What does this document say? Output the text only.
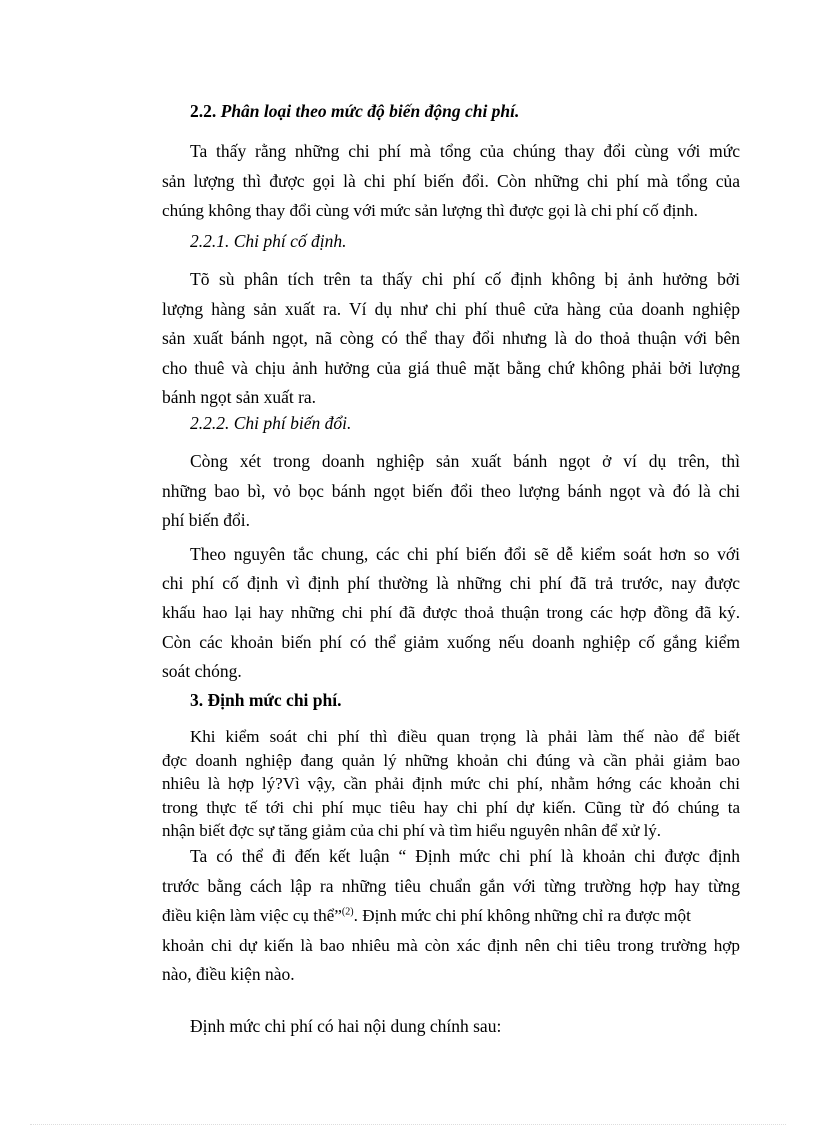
2.2. Phân loại theo mức độ biến động chi phí.
Ta thấy rằng những chi phí mà tổng của chúng thay đổi cùng với mức
sản lượng thì được gọi là chi phí biến đổi. Còn những chi phí mà tổng của
chúng không thay đổi cùng với mức sản lượng thì được gọi là chi phí cố định.
2.2.1. Chi phí cố định.
Tõ sù phân tích trên ta thấy chi phí cố định không bị ảnh hưởng bởi
lượng hàng sản xuất ra. Ví dụ như chi phí thuê cửa hàng của doanh nghiệp
sản xuất bánh ngọt, nã còng có thể thay đổi nhưng là do thoả thuận với bên
cho thuê và chịu ảnh hưởng của giá thuê mặt bằng chứ không phải bởi lượng
bánh ngọt sản xuất ra.
2.2.2. Chi phí biến đổi.
Còng xét trong doanh nghiệp sản xuất bánh ngọt ở ví dụ trên, thì
những bao bì, vỏ bọc bánh ngọt biến đổi theo lượng bánh ngọt và đó là chi
phí biến đổi.
Theo nguyên tắc chung, các chi phí biến đổi sẽ dễ kiểm soát hơn so với
chi phí cố định vì định phí thường là những chi phí đã trả trước, nay được
khấu hao lại hay những chi phí đã được thoả thuận trong các hợp đồng đã ký.
Còn các khoản biến phí có thể giảm xuống nếu doanh nghiệp cố gắng kiểm
soát chóng.
3. Định mức chi phí.
Khi kiểm soát chi phí thì điều quan trọng là phải làm thế nào để biết
đợc doanh nghiệp đang quản lý những khoản chi đúng và cần phải giảm bao
nhiêu là hợp lý?Vì vậy, cần phải định mức chi phí, nhằm hớng các khoản chi
trong thực tế tới chi phí mục tiêu hay chi phí dự kiến. Cũng từ đó chúng ta
nhận biết đợc sự tăng giảm của chi phí và tìm hiểu nguyên nhân để xử lý.
Ta có thể đi đến kết luận “ Định mức chi phí là khoản chi được định
trước bằng cách lập ra những tiêu chuẩn gắn với từng trường hợp hay từng
điều kiện làm việc cụ thể”$^{(2)}$. Định mức chi phí không những chỉ ra được một
khoản chi dự kiến là bao nhiêu mà còn xác định nên chi tiêu trong trường hợp
nào, điều kiện nào.
Định mức chi phí có hai nội dung chính sau:
